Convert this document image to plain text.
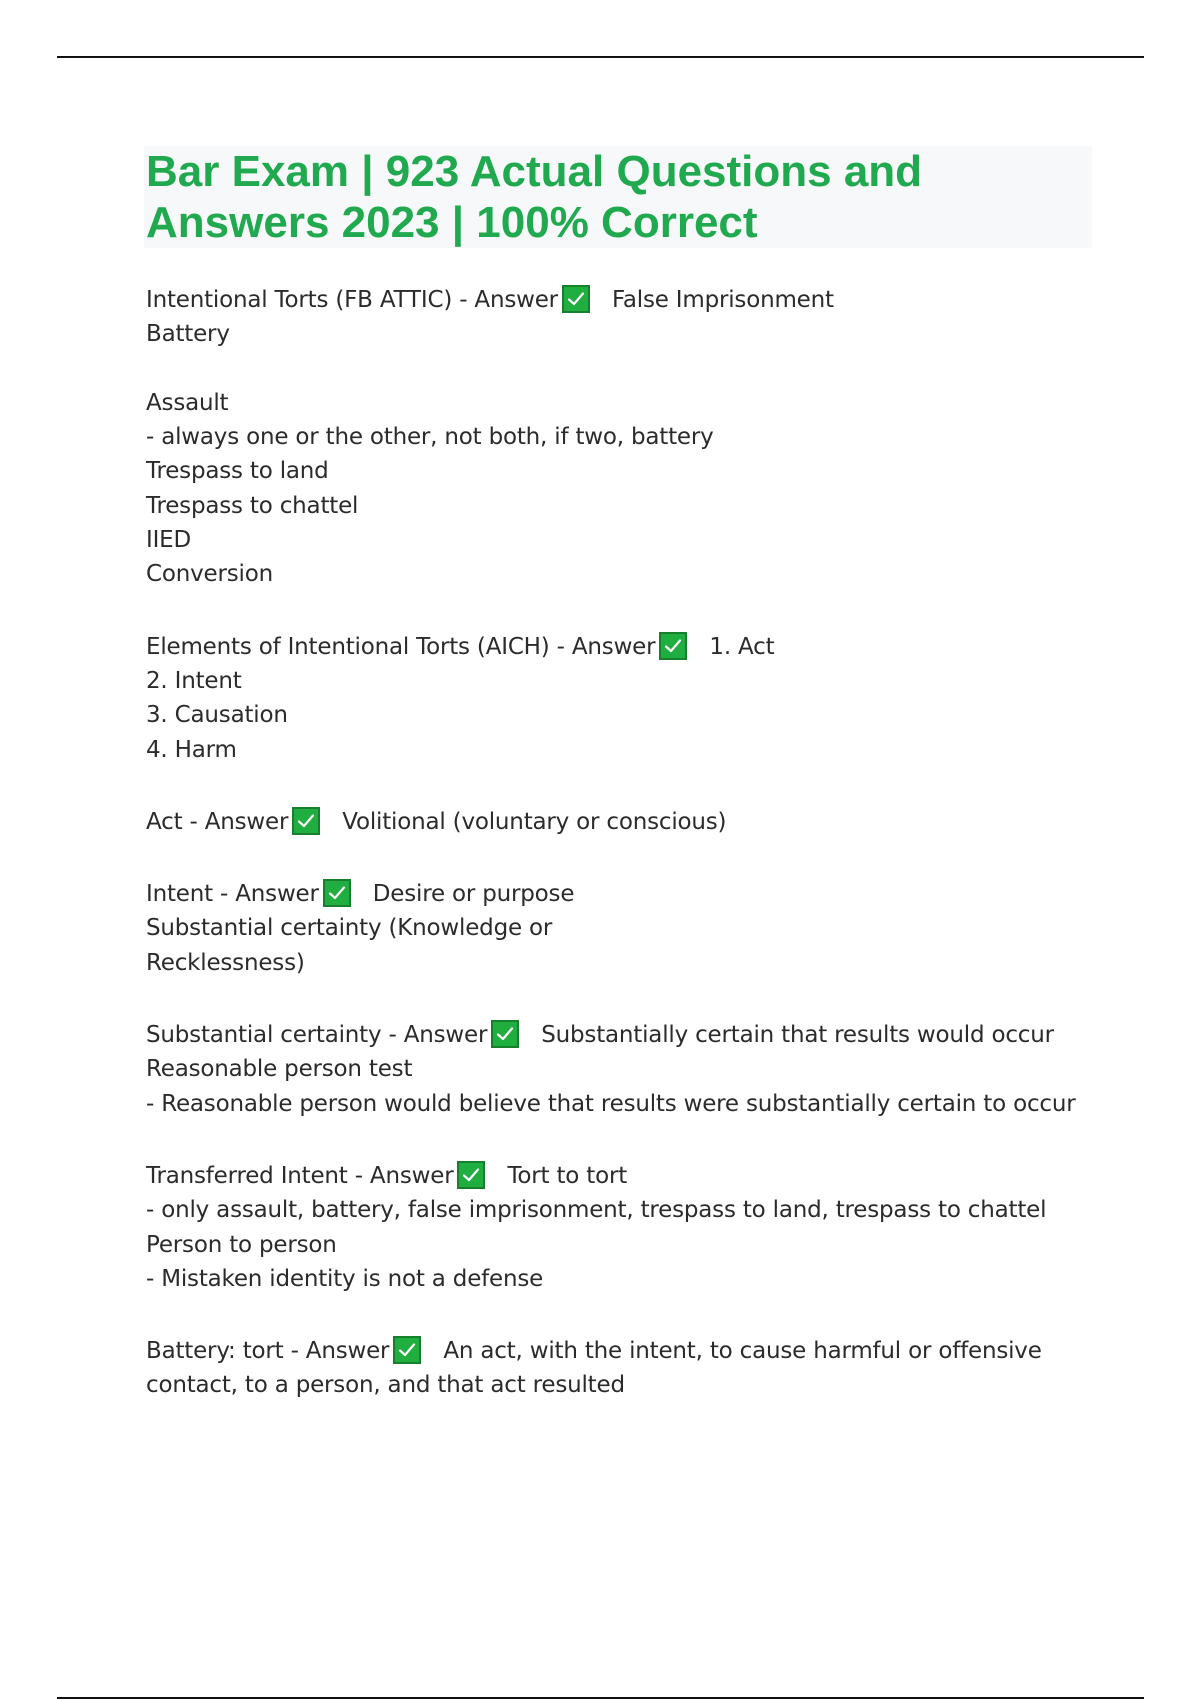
Bar Exam | 923 Actual Questions and
Answers 2023 | 100% Correct
Intentional Torts (FB ATTIC) - Answer False Imprisonment
Battery
Assault
- always one or the other, not both, if two, battery
Trespass to land
Trespass to chattel
IIED
Conversion
Elements of Intentional Torts (AICH) - Answer 1. Act
2. Intent
3. Causation
4. Harm
Act - Answer Volitional (voluntary or conscious)
Intent - Answer Desire or purpose
Substantial certainty (Knowledge or
Recklessness)
Substantial certainty - Answer Substantially certain that results would occur
Reasonable person test
- Reasonable person would believe that results were substantially certain to occur
Transferred Intent - Answer Tort to tort
- only assault, battery, false imprisonment, trespass to land, trespass to chattel
Person to person
- Mistaken identity is not a defense
Battery: tort - Answer An act, with the intent, to cause harmful or offensive
contact, to a person, and that act resulted
